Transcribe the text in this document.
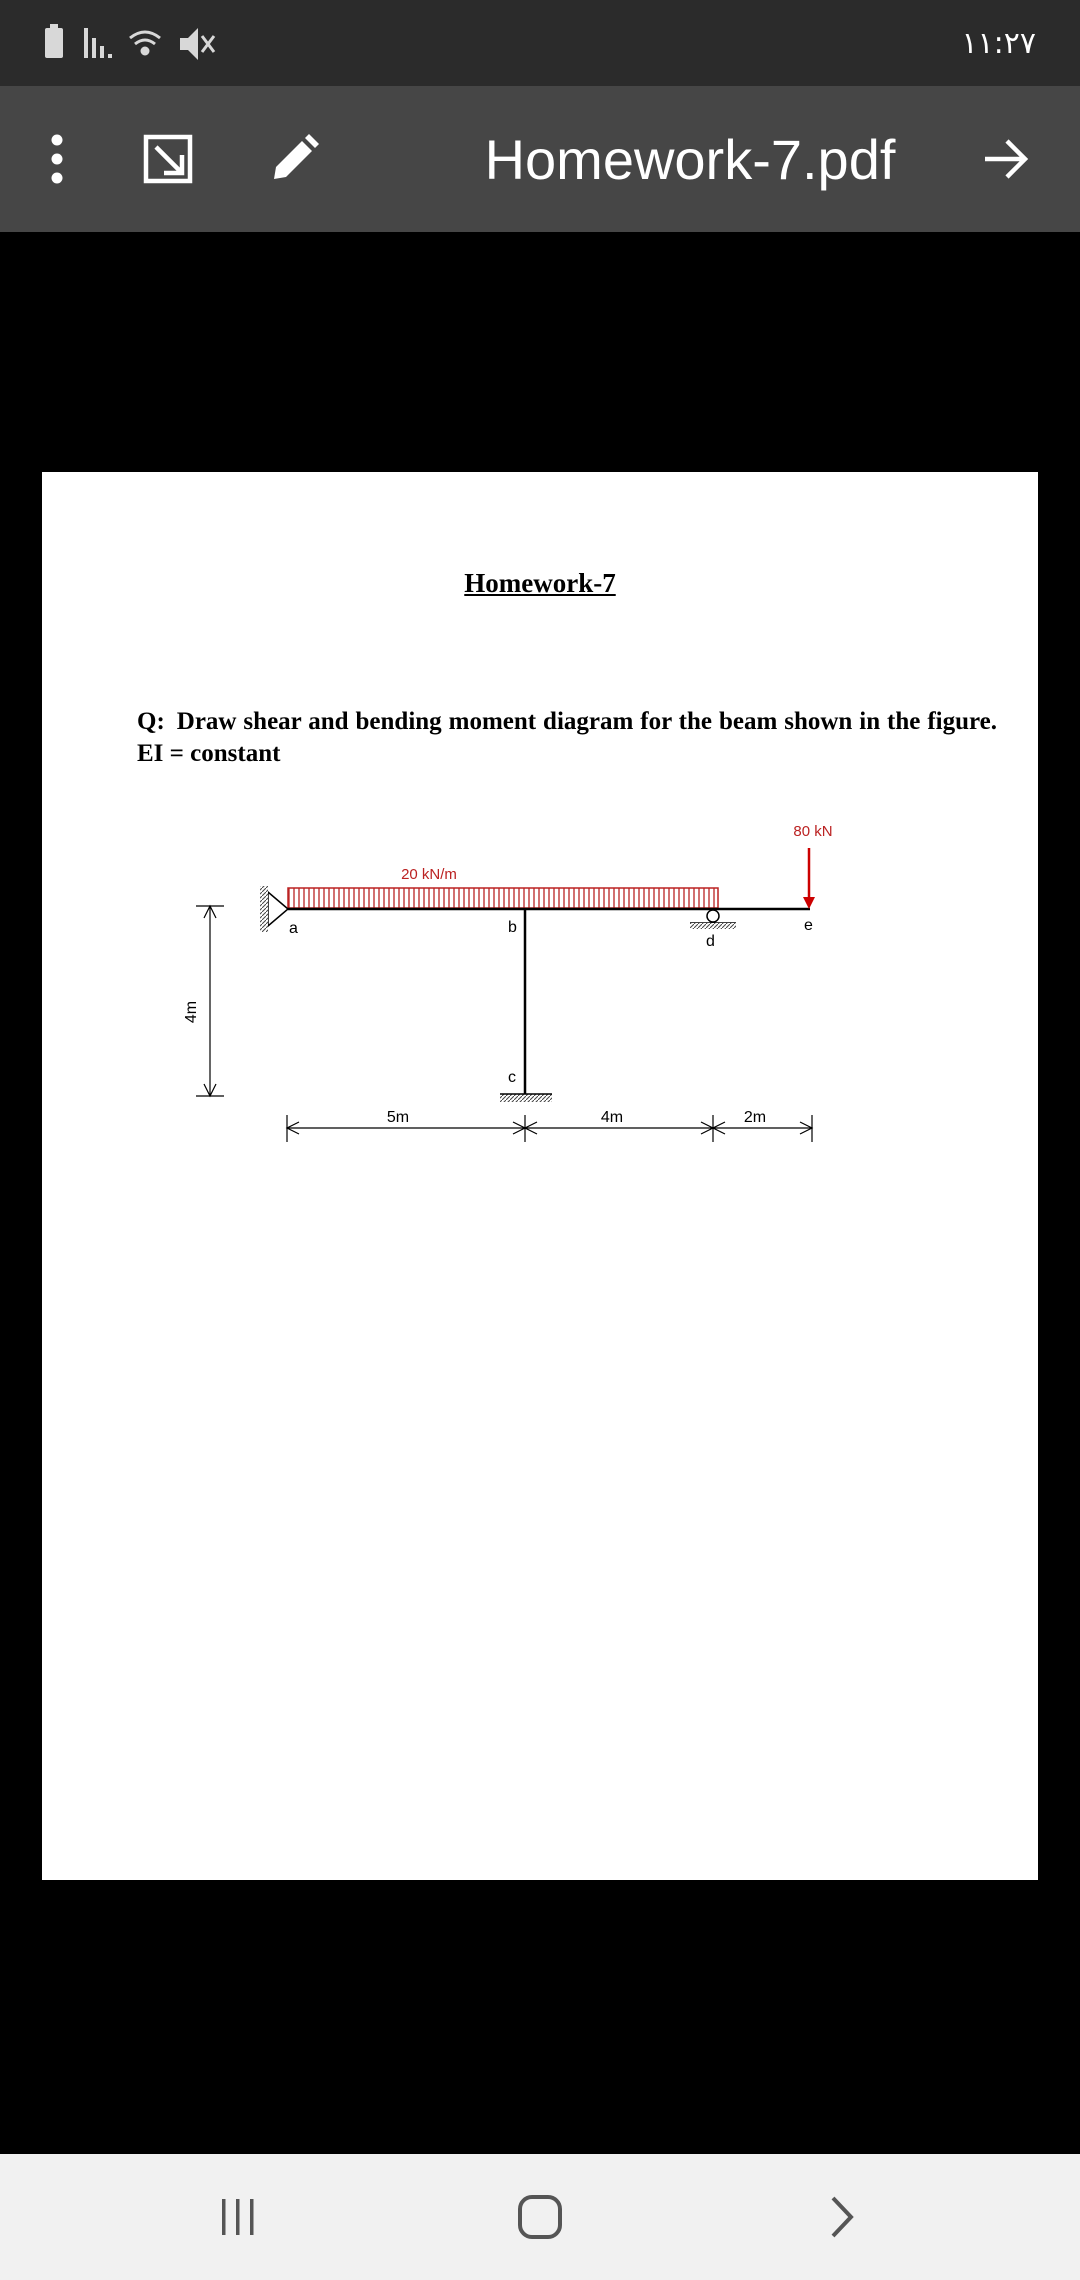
١١:٢٧
Homework-7.pdf
Homework-7
Q: Draw shear and bending moment diagram for the beam shown in the figure. EI = constant
20 kN/m
80 kN
a	b
c
d
e
4m
5m	4m	2m
